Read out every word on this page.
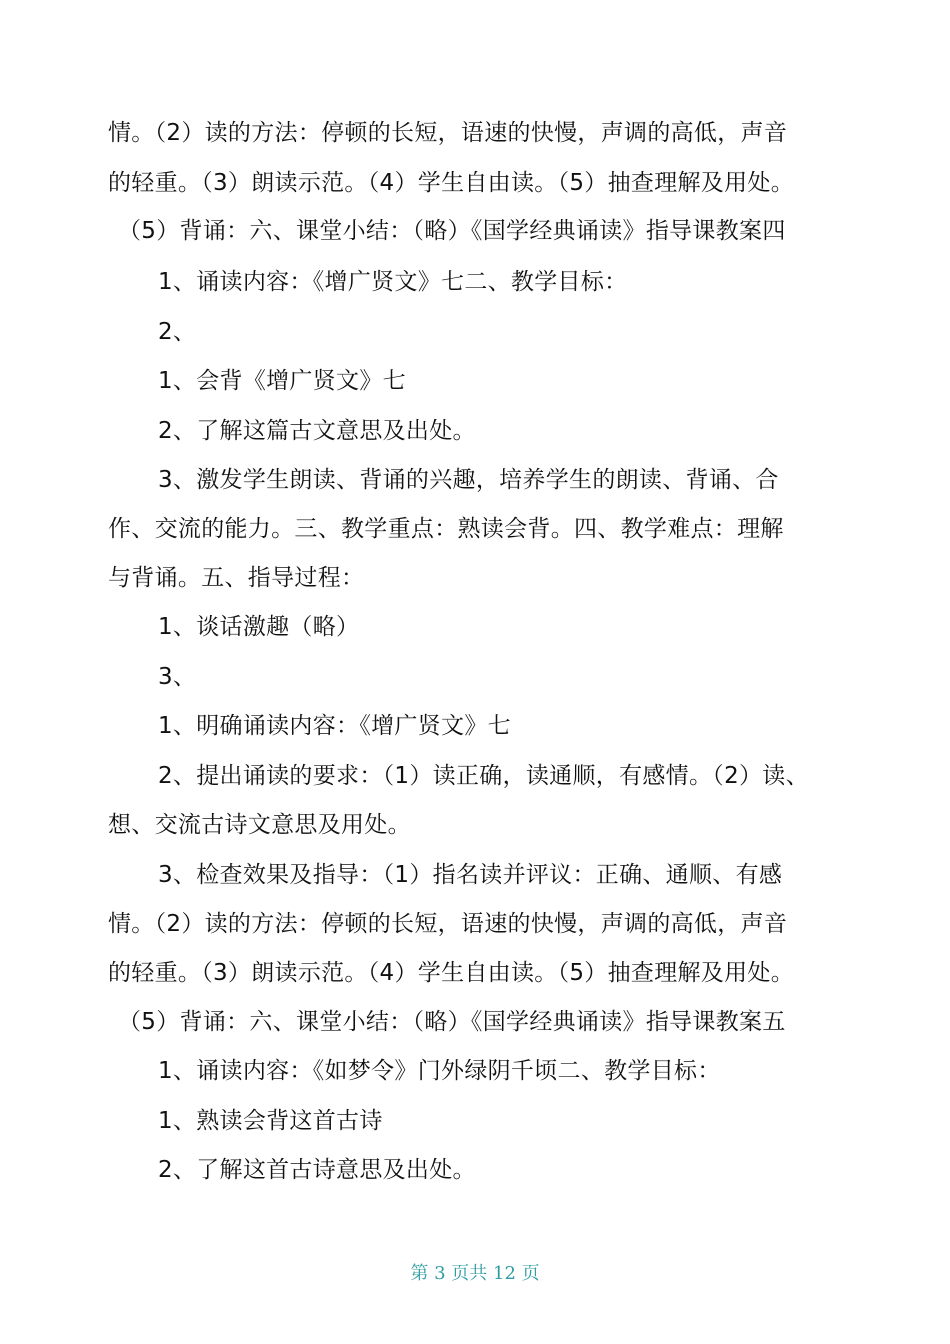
情。（2）读的方法：停顿的长短，语速的快慢，声调的高低，声音
的轻重。（3）朗读示范。（4）学生自由读。（5）抽查理解及用处。
（5）背诵：六、课堂小结：（略）《国学经典诵读》指导课教案四
1、诵读内容：《增广贤文》七二、教学目标：
2、
1、会背《增广贤文》七
2、了解这篇古文意思及出处。
3、激发学生朗读、背诵的兴趣，培养学生的朗读、背诵、合
作、交流的能力。三、教学重点：熟读会背。四、教学难点：理解
与背诵。五、指导过程：
1、谈话激趣（略）
3、
1、明确诵读内容：《增广贤文》七
2、提出诵读的要求：（1）读正确，读通顺，有感情。（2）读、
想、交流古诗文意思及用处。
3、检查效果及指导：（1）指名读并评议：正确、通顺、有感
情。（2）读的方法：停顿的长短，语速的快慢，声调的高低，声音
的轻重。（3）朗读示范。（4）学生自由读。（5）抽查理解及用处。
（5）背诵：六、课堂小结：（略）《国学经典诵读》指导课教案五
1、诵读内容：《如梦令》门外绿阴千顷二、教学目标：
1、熟读会背这首古诗
2、了解这首古诗意思及出处。
第 3 页共 12 页
